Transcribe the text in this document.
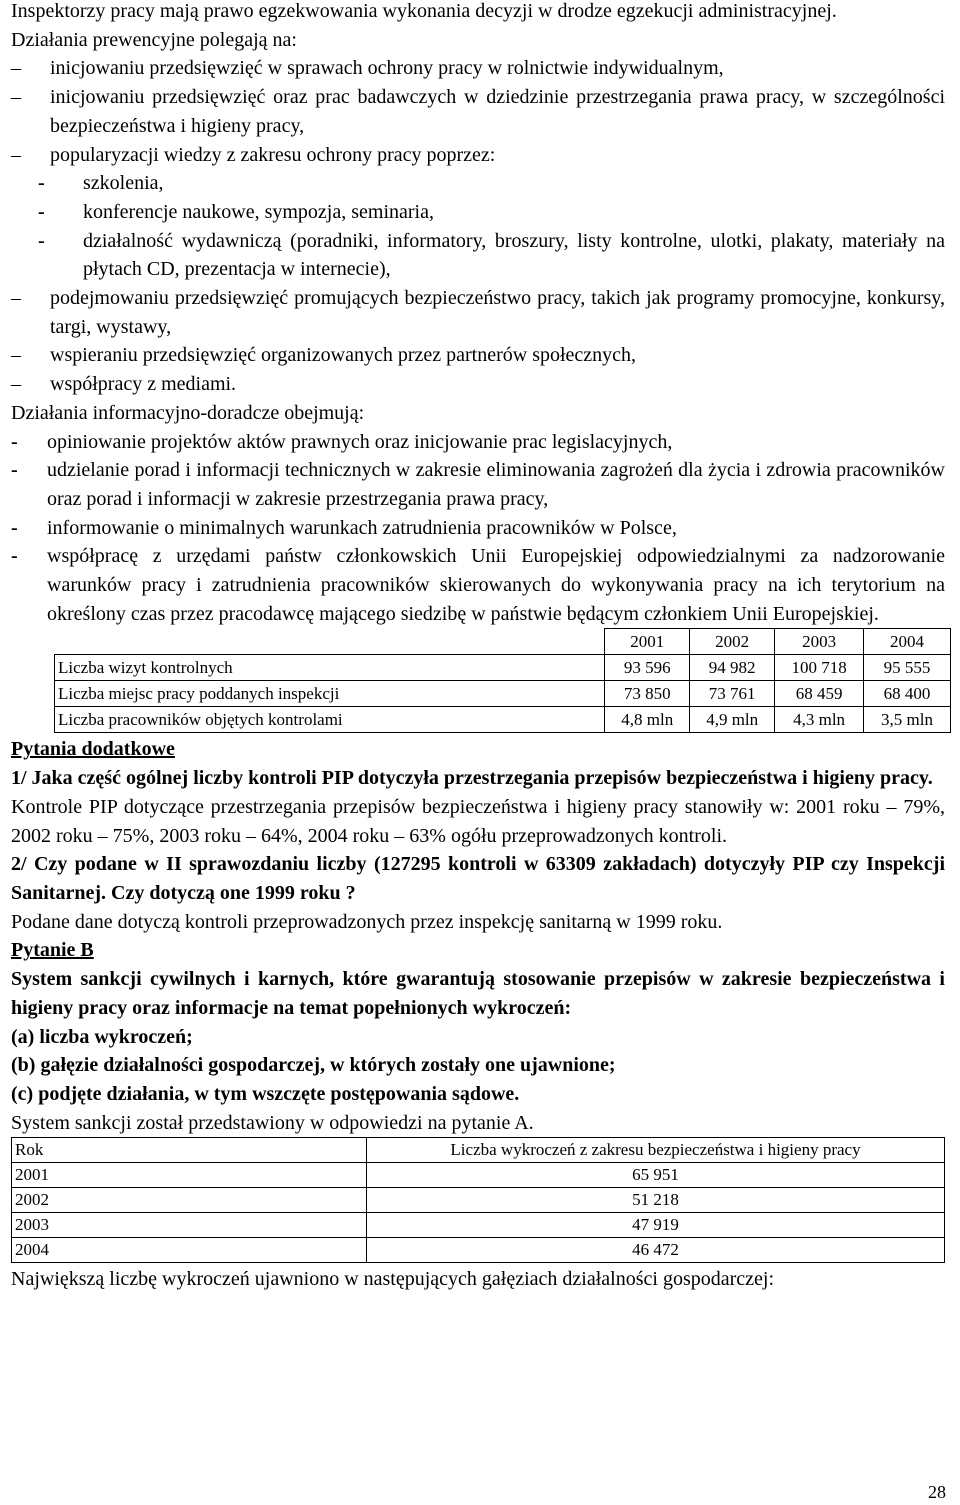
Inspektorzy pracy mają prawo egzekwowania wykonania decyzji w drodze egzekucji administracyjnej.

Działania prewencyjne polegają na:

– inicjowaniu przedsięwzięć w sprawach ochrony pracy w rolnictwie indywidualnym,
– inicjowaniu przedsięwzięć oraz prac badawczych w dziedzinie przestrzegania prawa pracy, w szczególności bezpieczeństwa i higieny pracy,
– popularyzacji wiedzy z zakresu ochrony pracy poprzez:
- szkolenia,
- konferencje naukowe, sympozja, seminaria,
- działalność wydawniczą (poradniki, informatory, broszury, listy kontrolne, ulotki, plakaty, materiały na płytach CD, prezentacja w internecie),
– podejmowaniu przedsięwzięć promujących bezpieczeństwo pracy, takich jak programy promocyjne, konkursy, targi, wystawy,
– wspieraniu przedsięwzięć organizowanych przez partnerów społecznych,
– współpracy z mediami.

Działania informacyjno-doradcze obejmują:

- opiniowanie projektów aktów prawnych oraz inicjowanie prac legislacyjnych,
- udzielanie porad i informacji technicznych w zakresie eliminowania zagrożeń dla życia i zdrowia pracowników oraz porad i informacji w zakresie przestrzegania prawa pracy,
- informowanie o minimalnych warunkach zatrudnienia pracowników w Polsce,
- współpracę z urzędami państw członkowskich Unii Europejskiej odpowiedzialnymi za nadzorowanie warunków pracy i zatrudnienia pracowników skierowanych do wykonywania pracy na ich terytorium na określony czas przez pracodawcę mającego siedzibę w państwie będącym członkiem Unii Europejskiej.
	2001	2002	2003	2004
Liczba wizyt kontrolnych	93 596	94 982	100 718	95 555
Liczba miejsc pracy poddanych inspekcji	73 850	73 761	68 459	68 400
Liczba pracowników objętych kontrolami	4,8 mln	4,9 mln	4,3 mln	3,5 mln

Pytania dodatkowe

1/ Jaka część ogólnej liczby kontroli PIP dotyczyła przestrzegania przepisów bezpieczeństwa i higieny pracy.

Kontrole PIP dotyczące przestrzegania przepisów bezpieczeństwa i higieny pracy stanowiły w: 2001 roku – 79%, 2002 roku – 75%, 2003 roku – 64%, 2004 roku – 63% ogółu przeprowadzonych kontroli.

2/ Czy podane w II sprawozdaniu liczby (127295 kontroli w 63309 zakładach) dotyczyły PIP czy Inspekcji Sanitarnej. Czy dotyczą one 1999 roku ?

Podane dane dotyczą kontroli przeprowadzonych przez inspekcję sanitarną w 1999 roku.

Pytanie B

System sankcji cywilnych i karnych, które gwarantują stosowanie przepisów w zakresie bezpieczeństwa i higieny pracy oraz informacje na temat popełnionych wykroczeń:

(a) liczba wykroczeń;

(b) gałęzie działalności gospodarczej, w których zostały one ujawnione;

(c) podjęte działania, w tym wszczęte postępowania sądowe.

System sankcji został przedstawiony w odpowiedzi na pytanie A.

Rok	Liczba wykroczeń z zakresu bezpieczeństwa i higieny pracy
2001	65 951
2002	51 218
2003	47 919
2004	46 472

Największą liczbę wykroczeń ujawniono w następujących gałęziach działalności gospodarczej:

28
